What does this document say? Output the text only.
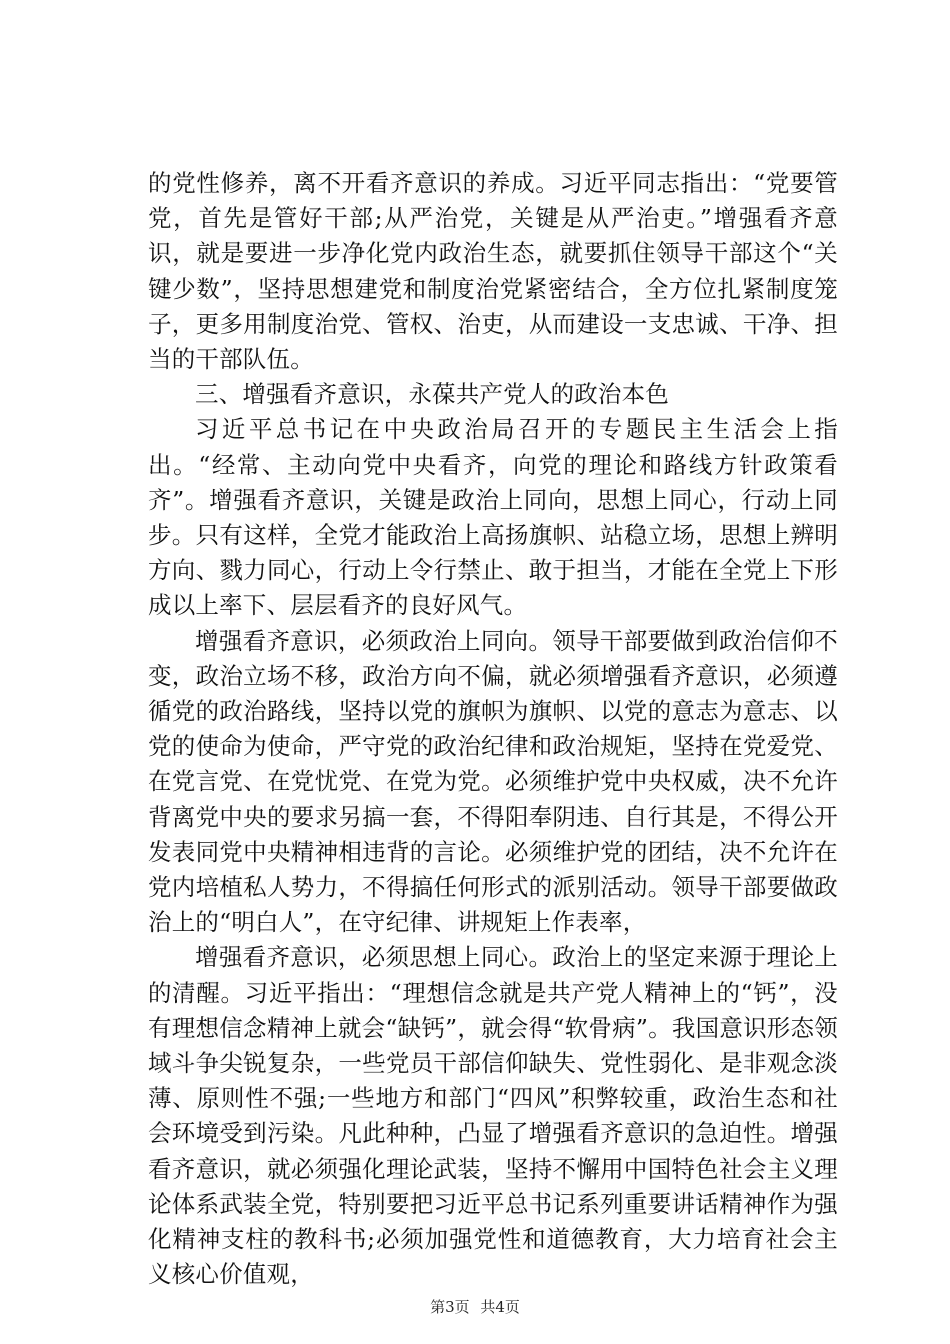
的党性修养，离不开看齐意识的养成。习近平同志指出：“党要管党，首先是管好干部;从严治党，关键是从严治吏。”增强看齐意识，就是要进一步净化党内政治生态，就要抓住领导干部这个“关键少数”，坚持思想建党和制度治党紧密结合，全方位扎紧制度笼子，更多用制度治党、管权、治吏，从而建设一支忠诚、干净、担当的干部队伍。

三、增强看齐意识，永葆共产党人的政治本色

习近平总书记在中央政治局召开的专题民主生活会上指出。“经常、主动向党中央看齐，向党的理论和路线方针政策看齐”。增强看齐意识，关键是政治上同向，思想上同心，行动上同步。只有这样，全党才能政治上高扬旗帜、站稳立场，思想上辨明方向、戮力同心，行动上令行禁止、敢于担当，才能在全党上下形成以上率下、层层看齐的良好风气。

增强看齐意识，必须政治上同向。领导干部要做到政治信仰不变，政治立场不移，政治方向不偏，就必须增强看齐意识，必须遵循党的政治路线，坚持以党的旗帜为旗帜、以党的意志为意志、以党的使命为使命，严守党的政治纪律和政治规矩，坚持在党爱党、在党言党、在党忧党、在党为党。必须维护党中央权威，决不允许背离党中央的要求另搞一套，不得阳奉阴违、自行其是，不得公开发表同党中央精神相违背的言论。必须维护党的团结，决不允许在党内培植私人势力，不得搞任何形式的派别活动。领导干部要做政治上的“明白人”，在守纪律、讲规矩上作表率，

增强看齐意识，必须思想上同心。政治上的坚定来源于理论上的清醒。习近平指出：“理想信念就是共产党人精神上的“钙”，没有理想信念精神上就会“缺钙”，就会得“软骨病”。我国意识形态领域斗争尖锐复杂，一些党员干部信仰缺失、党性弱化、是非观念淡薄、原则性不强;一些地方和部门“四风”积弊较重，政治生态和社会环境受到污染。凡此种种，凸显了增强看齐意识的急迫性。增强看齐意识，就必须强化理论武装，坚持不懈用中国特色社会主义理论体系武装全党，特别要把习近平总书记系列重要讲话精神作为强化精神支柱的教科书;必须加强党性和道德教育，大力培育社会主义核心价值观，

第3页 共4页
